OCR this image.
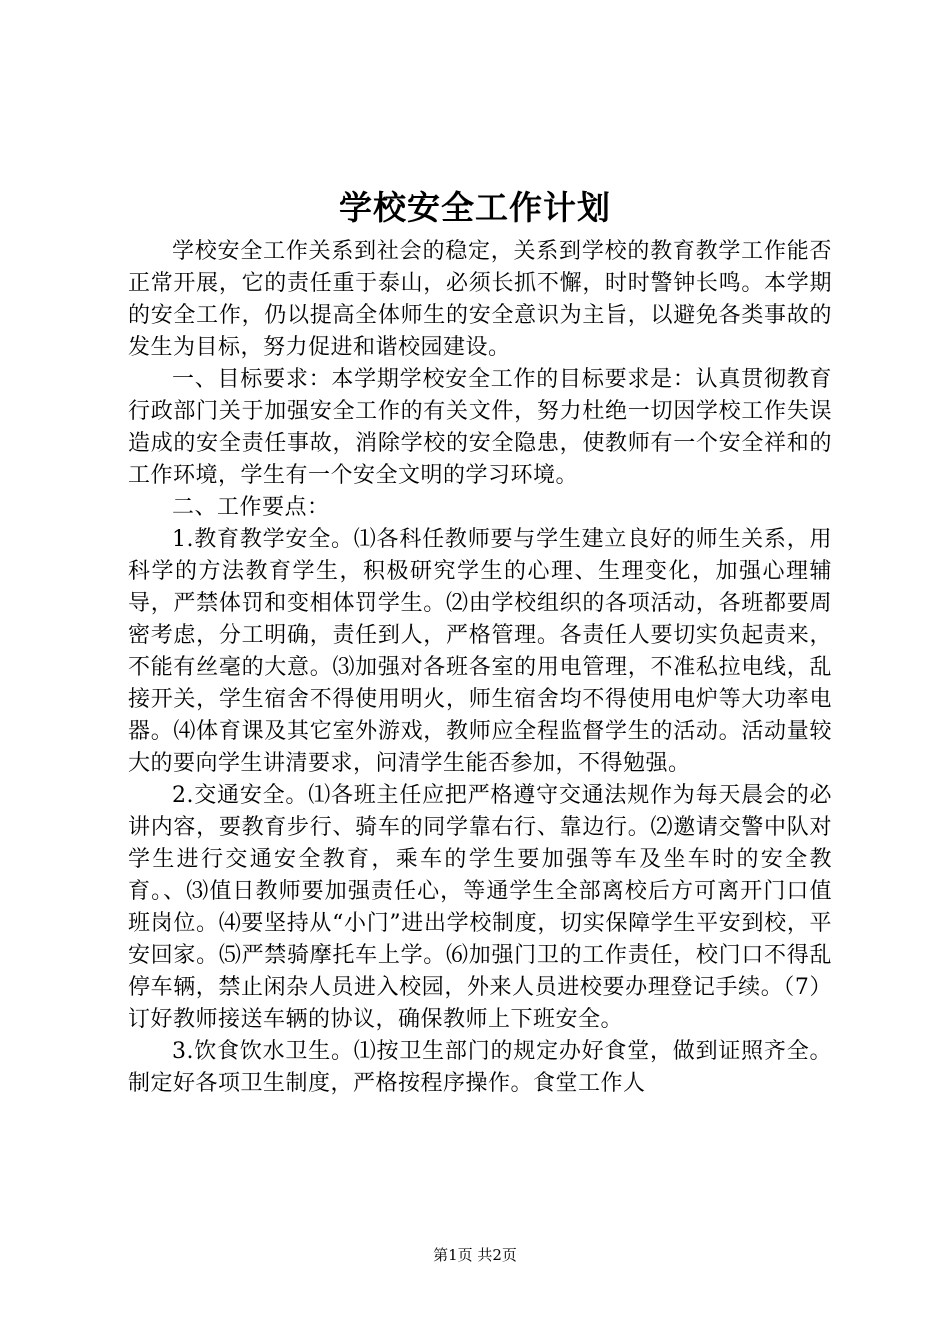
学校安全工作计划

学校安全工作关系到社会的稳定，关系到学校的教育教学工作能否正常开展，它的责任重于泰山，必须长抓不懈，时时警钟长鸣。本学期的安全工作，仍以提高全体师生的安全意识为主旨，以避免各类事故的发生为目标，努力促进和谐校园建设。

一、目标要求：本学期学校安全工作的目标要求是：认真贯彻教育行政部门关于加强安全工作的有关文件，努力杜绝一切因学校工作失误造成的安全责任事故，消除学校的安全隐患，使教师有一个安全祥和的工作环境，学生有一个安全文明的学习环境。

二、工作要点：

1.教育教学安全。⑴各科任教师要与学生建立良好的师生关系，用科学的方法教育学生，积极研究学生的心理、生理变化，加强心理辅导，严禁体罚和变相体罚学生。⑵由学校组织的各项活动，各班都要周密考虑，分工明确，责任到人，严格管理。各责任人要切实负起责来，不能有丝毫的大意。⑶加强对各班各室的用电管理，不准私拉电线，乱接开关，学生宿舍不得使用明火，师生宿舍均不得使用电炉等大功率电器。⑷体育课及其它室外游戏，教师应全程监督学生的活动。活动量较大的要向学生讲清要求，问清学生能否参加，不得勉强。

2.交通安全。⑴各班主任应把严格遵守交通法规作为每天晨会的必讲内容，要教育步行、骑车的同学靠右行、靠边行。⑵邀请交警中队对学生进行交通安全教育，乘车的学生要加强等车及坐车时的安全教育。、⑶值日教师要加强责任心，等通学生全部离校后方可离开门口值班岗位。⑷要坚持从“小门”进出学校制度，切实保障学生平安到校，平安回家。⑸严禁骑摩托车上学。⑹加强门卫的工作责任，校门口不得乱停车辆，禁止闲杂人员进入校园，外来人员进校要办理登记手续。（7）订好教师接送车辆的协议，确保教师上下班安全。

3.饮食饮水卫生。⑴按卫生部门的规定办好食堂，做到证照齐全。制定好各项卫生制度，严格按程序操作。食堂工作人

第1页 共2页
